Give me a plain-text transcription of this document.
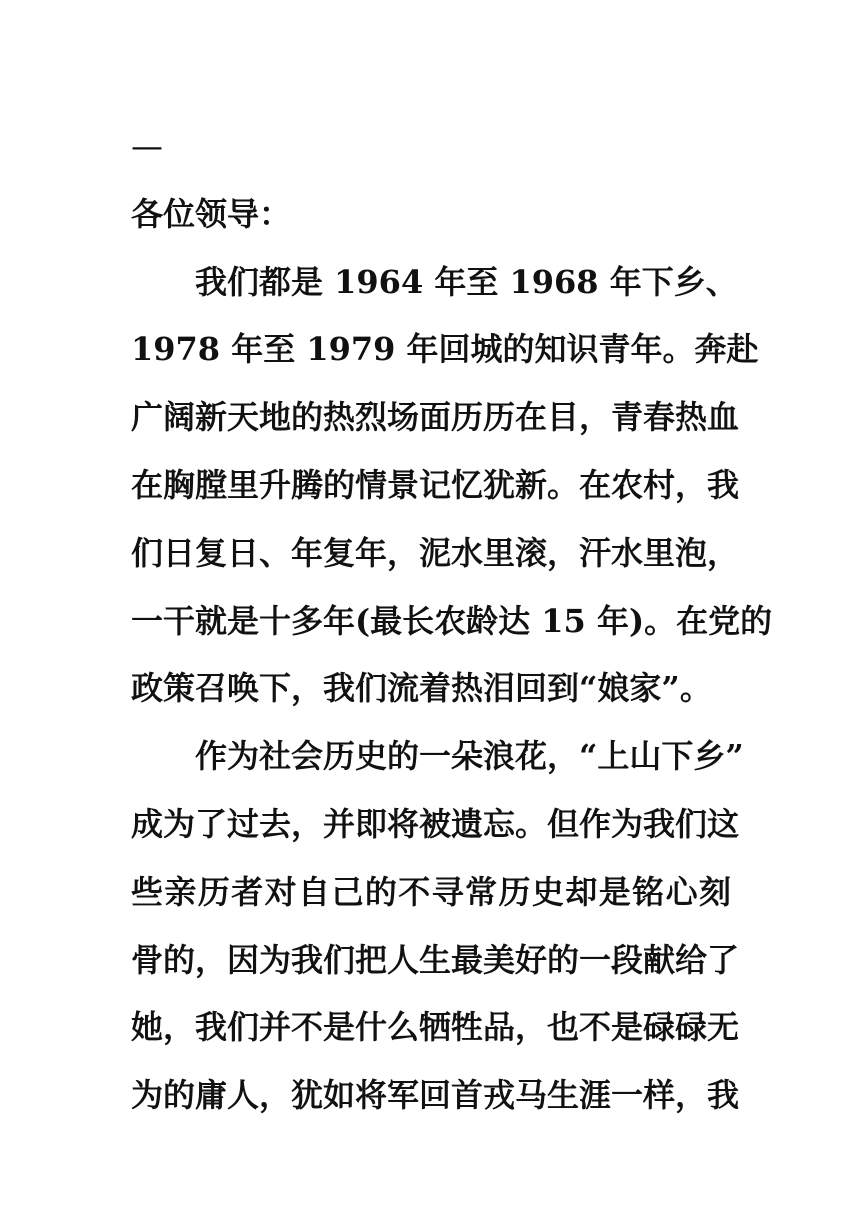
—
各位领导：
我们都是 1964 年至 1968 年下乡、
1978 年至 1979 年回城的知识青年。奔赴
广阔新天地的热烈场面历历在目，青春热血
在胸膛里升腾的情景记忆犹新。在农村，我
们日复日、年复年，泥水里滚，汗水里泡，
一干就是十多年(最长农龄达 15 年)。在党的
政策召唤下，我们流着热泪回到“娘家”。
作为社会历史的一朵浪花，“上山下乡”
成为了过去，并即将被遗忘。但作为我们这
些亲历者对自己的不寻常历史却是铭心刻
骨的，因为我们把人生最美好的一段献给了
她，我们并不是什么牺牲品，也不是碌碌无
为的庸人，犹如将军回首戎马生涯一样，我
